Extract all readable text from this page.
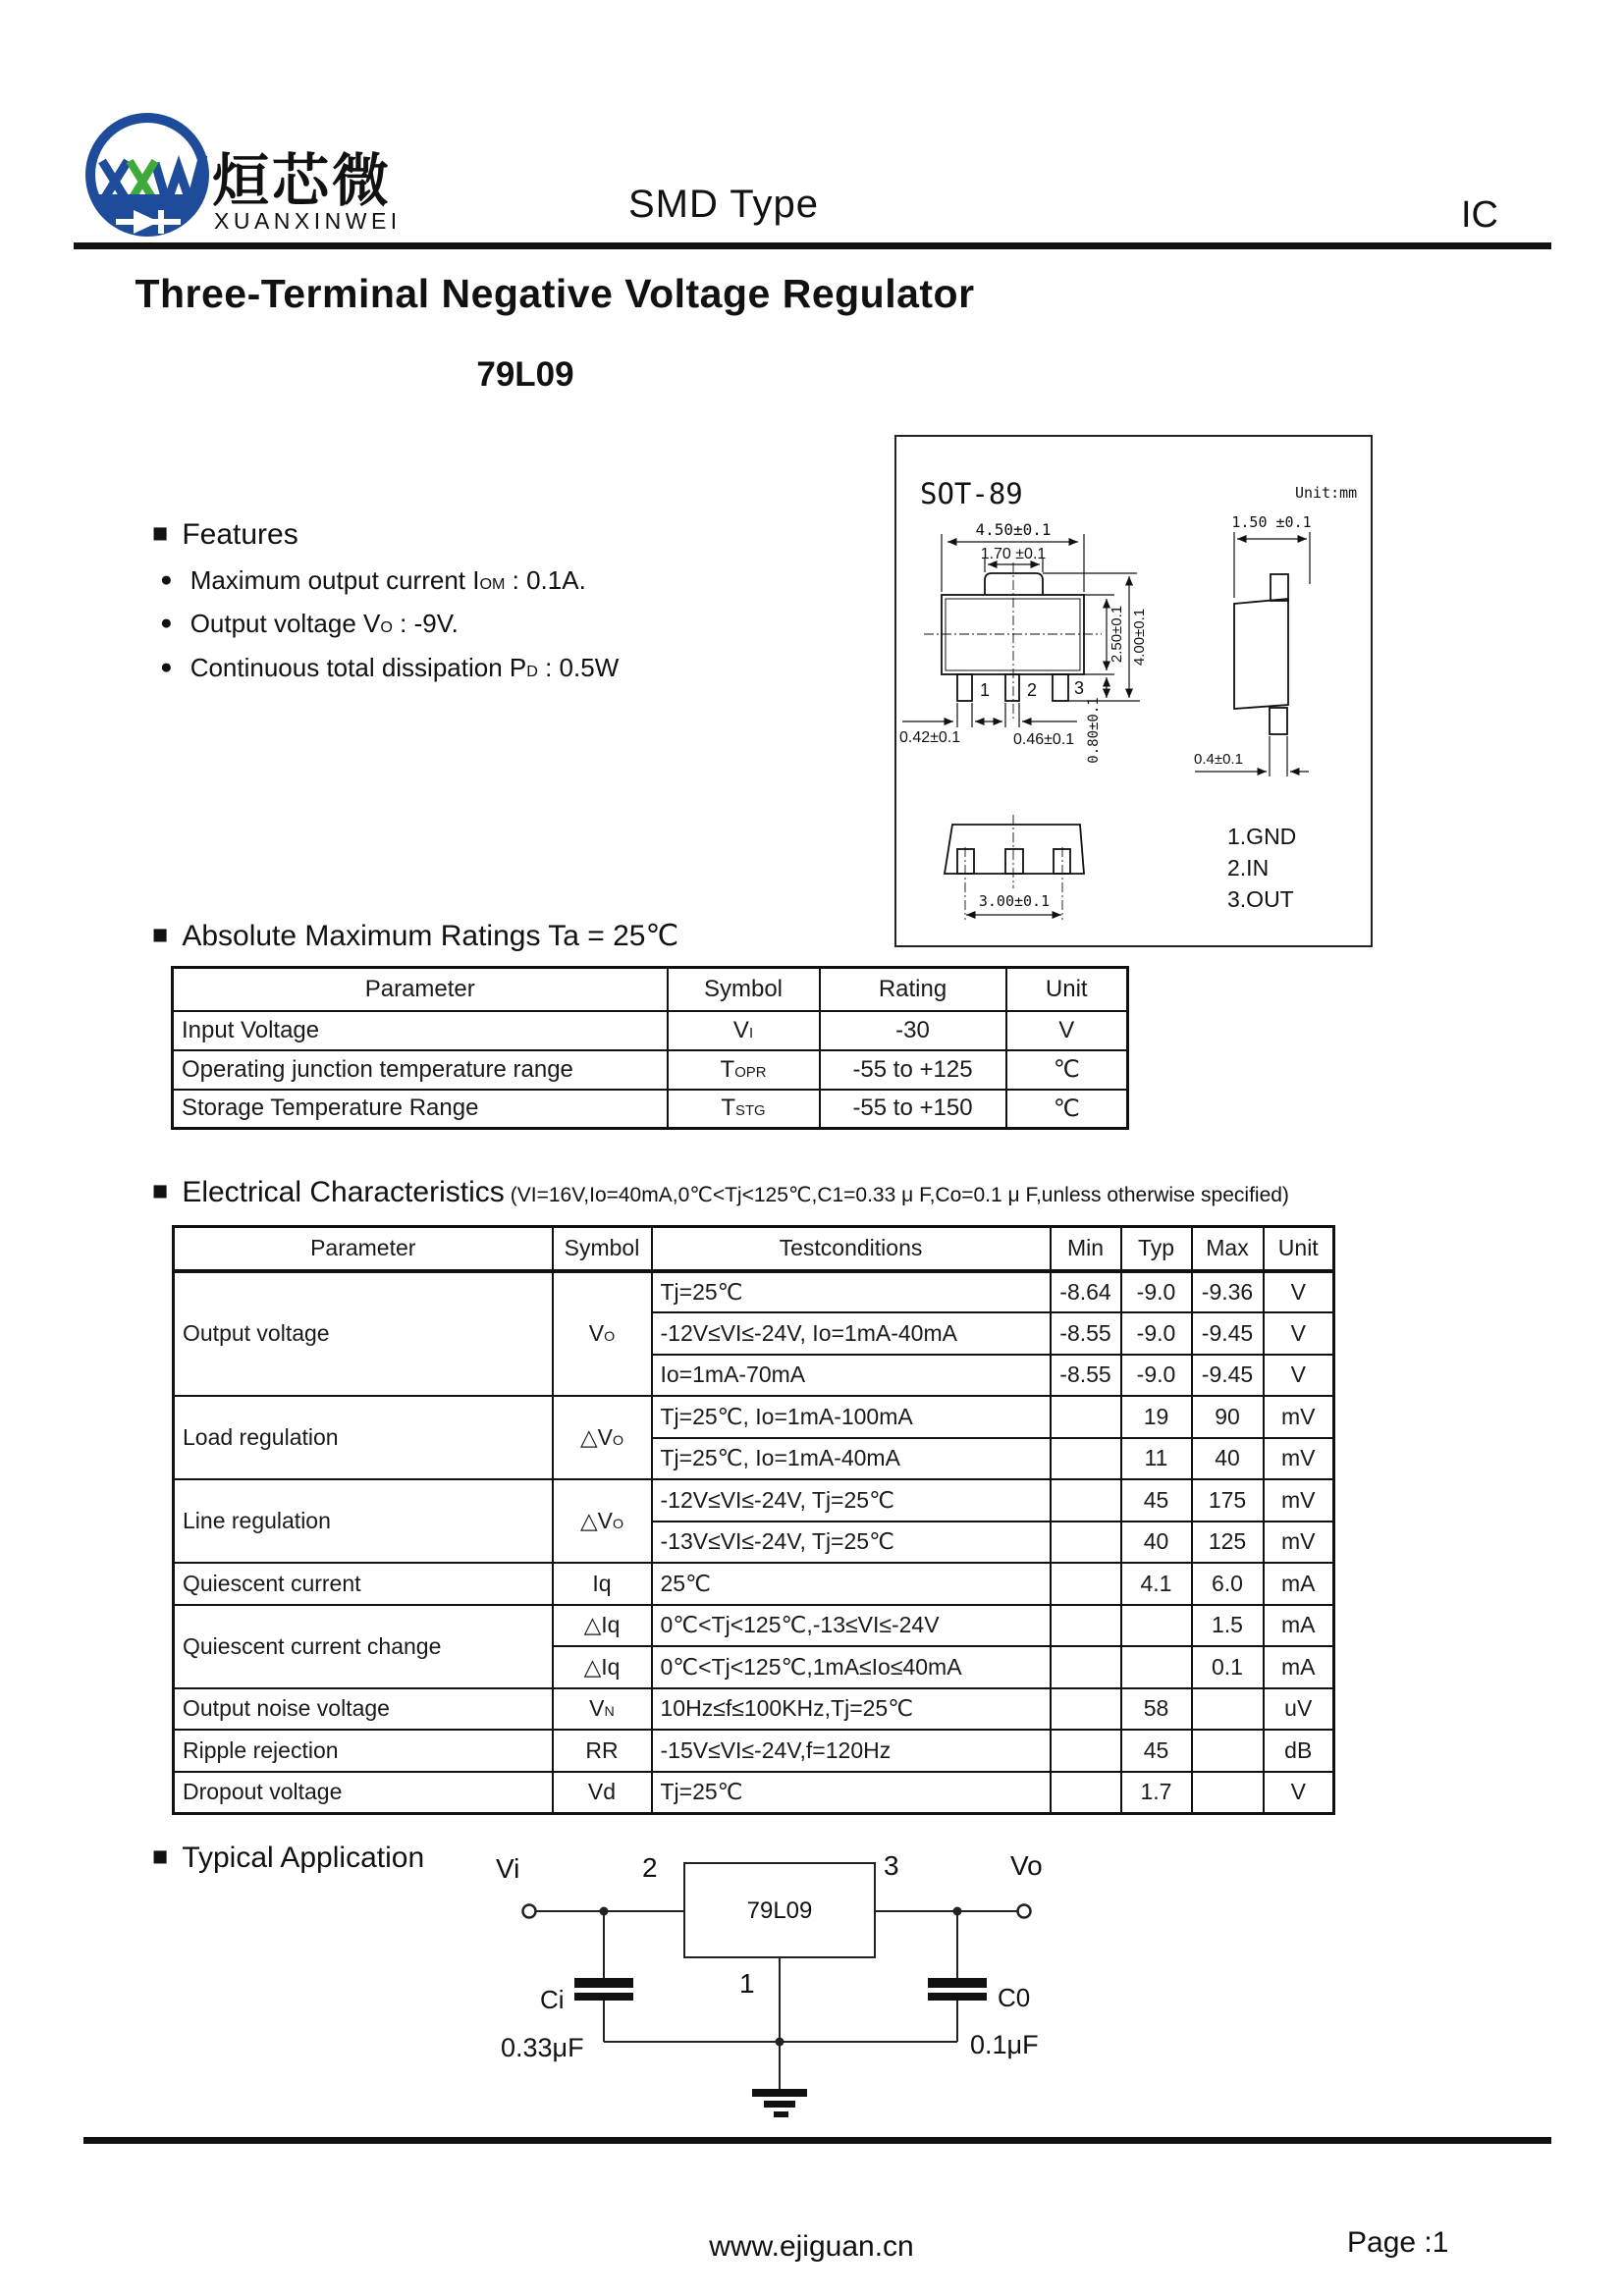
烜芯微
XUANXINWEI	SMD Type	IC
Three-Terminal Negative Voltage Regulator
79L09
SOT-89	Unit:mm
4.50±0.1
1.70 ±0.1
2.50±0.1 4.00±0.1
0.80±0.1
0.42±0.1	0.46±0.1
1 2 3
1.50 ±0.1
0.4±0.1
3.00±0.1
1.GND
2.IN
3.OUT
■ Features
● Maximum output current IOM : 0.1A.
● Output voltage VO : -9V.
● Continuous total dissipation PD : 0.5W
■ Absolute Maximum Ratings Ta = 25℃
Parameter	Symbol	Rating	Unit
Input Voltage	VI	-30	V
Operating junction temperature range	TOPR	-55 to +125	℃
Storage Temperature Range	TSTG	-55 to +150	℃
■ Electrical Characteristics (VI=16V,Io=40mA,0℃<Tj<125℃,C1=0.33 μ F,Co=0.1 μ F,unless otherwise specified)
Parameter	Symbol	Testconditions	Min	Typ	Max	Unit
Output voltage	VO	Tj=25℃	-8.64	-9.0	-9.36	V
		-12V≤VI≤-24V, Io=1mA-40mA	-8.55	-9.0	-9.45	V
		Io=1mA-70mA	-8.55	-9.0	-9.45	V
Load regulation	△VO	Tj=25℃, Io=1mA-100mA		19	90	mV
		Tj=25℃, Io=1mA-40mA		11	40	mV
Line regulation	△VO	-12V≤VI≤-24V, Tj=25℃		45	175	mV
		-13V≤VI≤-24V, Tj=25℃		40	125	mV
Quiescent current	Iq	25℃		4.1	6.0	mA
Quiescent current change	△Iq	0℃<Tj<125℃,-13≤VI≤-24V			1.5	mA
	△Iq	0℃<Tj<125℃,1mA≤Io≤40mA			0.1	mA
Output noise voltage	VN	10Hz≤f≤100KHz,Tj=25℃		58		uV
Ripple rejection	RR	-15V≤VI≤-24V,f=120Hz		45		dB
Dropout voltage	Vd	Tj=25℃		1.7		V
■ Typical Application
79L09
Vi	Vo
2	3
1
Ci
0.33μF
C0
0.1μF
www.ejiguan.cn	Page :1
